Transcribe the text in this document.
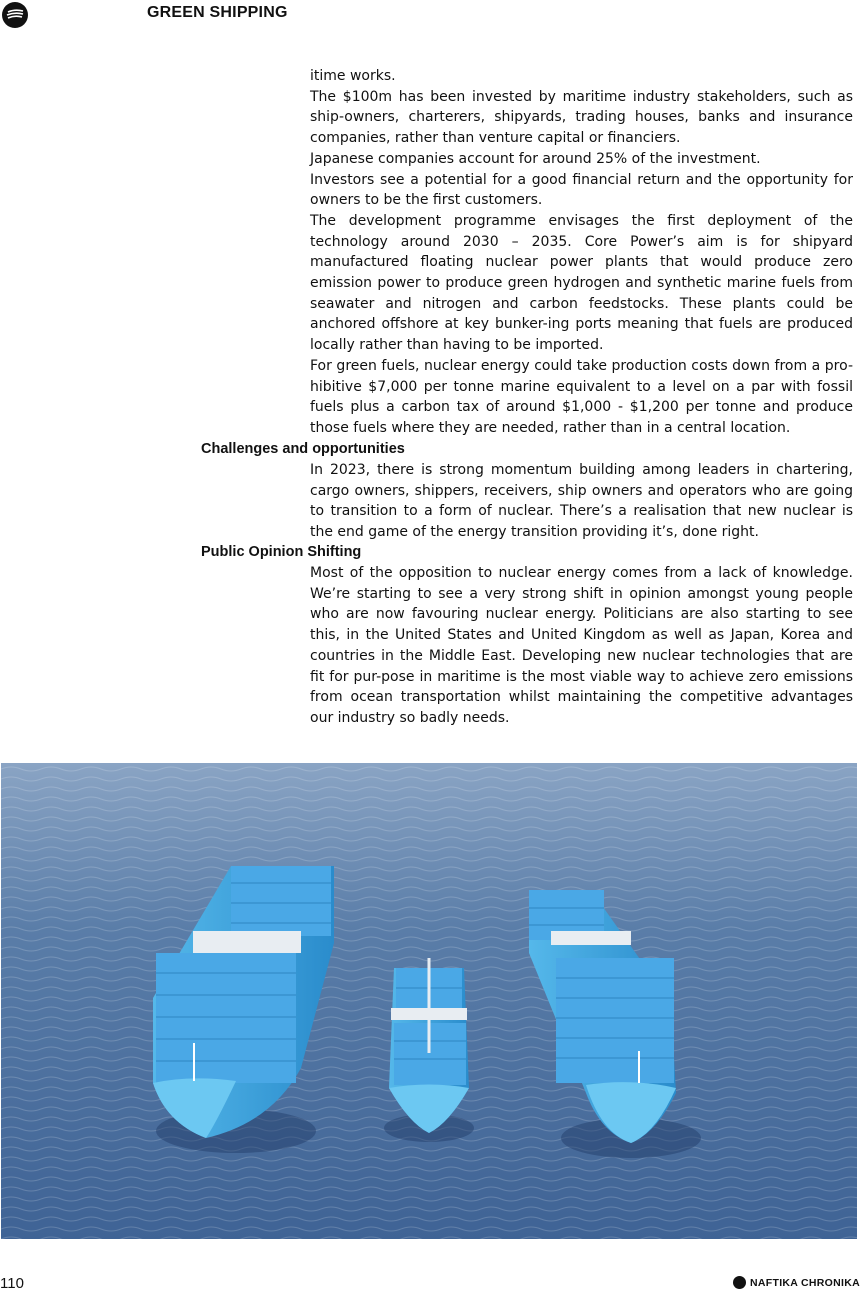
GREEN SHIPPING

itime works.

The $100m has been invested by maritime industry stakeholders, such as ship-owners, charterers, shipyards, trading houses, banks and insurance companies, rather than venture capital or financiers.

Japanese companies account for around 25% of the investment.

Investors see a potential for a good financial return and the opportunity for owners to be the first customers.

The development programme envisages the first deployment of the technology around 2030 – 2035. Core Power’s aim is for shipyard manufactured floating nuclear power plants that would produce zero emission power to produce green hydrogen and synthetic marine fuels from seawater and nitrogen and carbon feedstocks. These plants could be anchored offshore at key bunker-ing ports meaning that fuels are produced locally rather than having to be imported.

For green fuels, nuclear energy could take production costs down from a pro-hibitive $7,000 per tonne marine equivalent to a level on a par with fossil fuels plus a carbon tax of around $1,000 - $1,200 per tonne and produce those fuels where they are needed, rather than in a central location.

Challenges and opportunities

In 2023, there is strong momentum building among leaders in chartering, cargo owners, shippers, receivers, ship owners and operators who are going to transition to a form of nuclear. There’s a realisation that new nuclear is the end game of the energy transition providing it’s, done right.

Public Opinion Shifting

Most of the opposition to nuclear energy comes from a lack of knowledge. We’re starting to see a very strong shift in opinion amongst young people who are now favouring nuclear energy. Politicians are also starting to see this, in the United States and United Kingdom as well as Japan, Korea and countries in the Middle East. Developing new nuclear technologies that are fit for pur-pose in maritime is the most viable way to achieve zero emissions from ocean transportation whilst maintaining the competitive advantages our industry so badly needs.

110	NAFTIKA CHRONIKA
